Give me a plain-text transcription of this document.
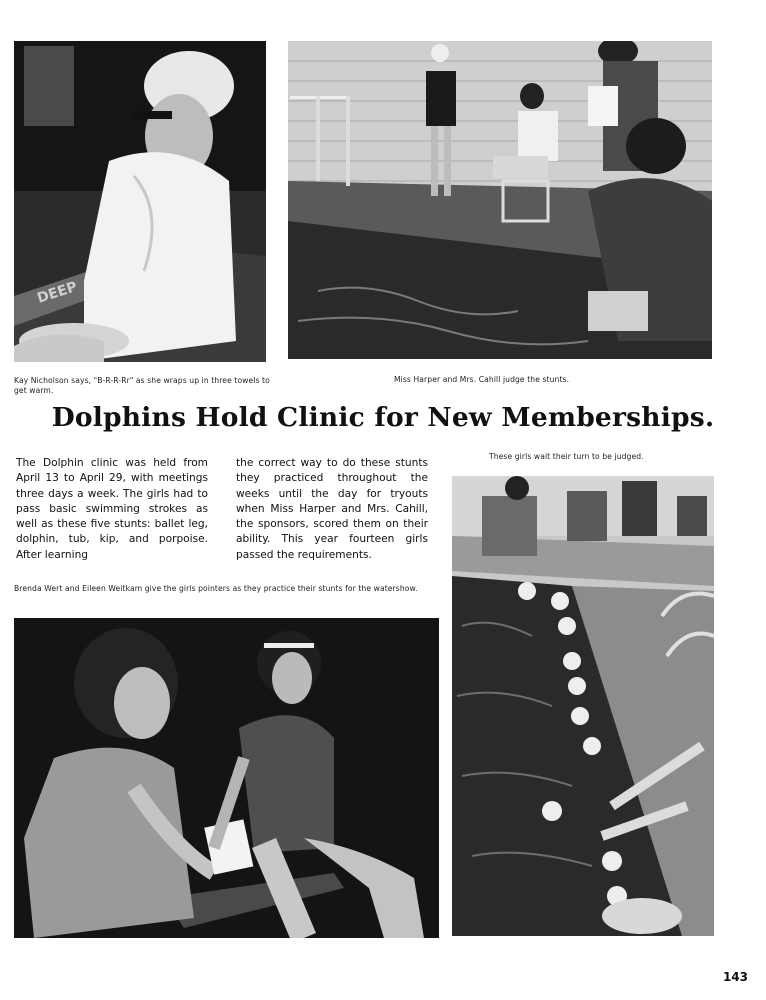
DEEP
Kay Nicholson says, "B-R-R-Rr" as she wraps up in three towels to get warm.
Miss Harper and Mrs. Cahill judge the stunts.
Dolphins Hold Clinic for New Memberships.
The Dolphin clinic was held from April 13 to April 29, with meetings three days a week. The girls had to pass basic swimming strokes as well as these five stunts: ballet leg, dolphin, tub, kip, and porpoise. After learning
the correct way to do these stunts they practiced throughout the weeks until the day for tryouts when Miss Harper and Mrs. Cahill, the sponsors, scored them on their ability. This year fourteen girls passed the requirements.
These girls wait their turn to be judged.
Brenda Wert and Eileen Weitkam give the girls pointers as they practice their stunts for the watershow.
143
